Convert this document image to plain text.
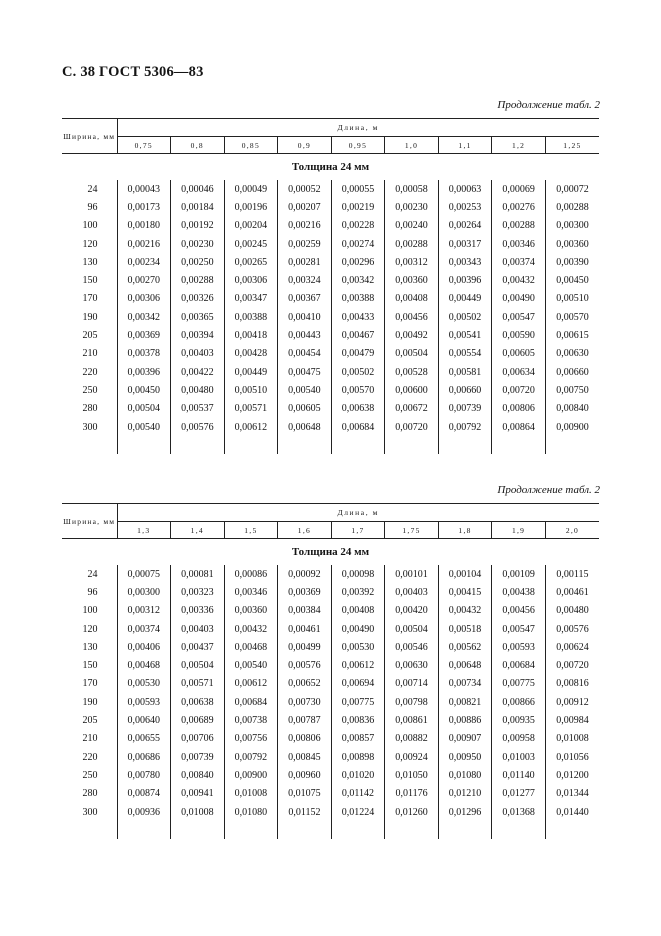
С. 38 ГОСТ 5306—83
Продолжение табл. 2
Ширина, мм	Длина, м								
	0,75	0,8	0,85	0,9	0,95	1,0	1,1	1,2	1,25
Толщина 24 мм									
24	0,00043	0,00046	0,00049	0,00052	0,00055	0,00058	0,00063	0,00069	0,00072
96	0,00173	0,00184	0,00196	0,00207	0,00219	0,00230	0,00253	0,00276	0,00288
100	0,00180	0,00192	0,00204	0,00216	0,00228	0,00240	0,00264	0,00288	0,00300
120	0,00216	0,00230	0,00245	0,00259	0,00274	0,00288	0,00317	0,00346	0,00360
130	0,00234	0,00250	0,00265	0,00281	0,00296	0,00312	0,00343	0,00374	0,00390
150	0,00270	0,00288	0,00306	0,00324	0,00342	0,00360	0,00396	0,00432	0,00450
170	0,00306	0,00326	0,00347	0,00367	0,00388	0,00408	0,00449	0,00490	0,00510
190	0,00342	0,00365	0,00388	0,00410	0,00433	0,00456	0,00502	0,00547	0,00570
205	0,00369	0,00394	0,00418	0,00443	0,00467	0,00492	0,00541	0,00590	0,00615
210	0,00378	0,00403	0,00428	0,00454	0,00479	0,00504	0,00554	0,00605	0,00630
220	0,00396	0,00422	0,00449	0,00475	0,00502	0,00528	0,00581	0,00634	0,00660
250	0,00450	0,00480	0,00510	0,00540	0,00570	0,00600	0,00660	0,00720	0,00750
280	0,00504	0,00537	0,00571	0,00605	0,00638	0,00672	0,00739	0,00806	0,00840
300	0,00540	0,00576	0,00612	0,00648	0,00684	0,00720	0,00792	0,00864	0,00900

Продолжение табл. 2
Ширина, мм	Длина, м								
	1,3	1,4	1,5	1,6	1,7	1,75	1,8	1,9	2,0
Толщина 24 мм									
24	0,00075	0,00081	0,00086	0,00092	0,00098	0,00101	0,00104	0,00109	0,00115
96	0,00300	0,00323	0,00346	0,00369	0,00392	0,00403	0,00415	0,00438	0,00461
100	0,00312	0,00336	0,00360	0,00384	0,00408	0,00420	0,00432	0,00456	0,00480
120	0,00374	0,00403	0,00432	0,00461	0,00490	0,00504	0,00518	0,00547	0,00576
130	0,00406	0,00437	0,00468	0,00499	0,00530	0,00546	0,00562	0,00593	0,00624
150	0,00468	0,00504	0,00540	0,00576	0,00612	0,00630	0,00648	0,00684	0,00720
170	0,00530	0,00571	0,00612	0,00652	0,00694	0,00714	0,00734	0,00775	0,00816
190	0,00593	0,00638	0,00684	0,00730	0,00775	0,00798	0,00821	0,00866	0,00912
205	0,00640	0,00689	0,00738	0,00787	0,00836	0,00861	0,00886	0,00935	0,00984
210	0,00655	0,00706	0,00756	0,00806	0,00857	0,00882	0,00907	0,00958	0,01008
220	0,00686	0,00739	0,00792	0,00845	0,00898	0,00924	0,00950	0,01003	0,01056
250	0,00780	0,00840	0,00900	0,00960	0,01020	0,01050	0,01080	0,01140	0,01200
280	0,00874	0,00941	0,01008	0,01075	0,01142	0,01176	0,01210	0,01277	0,01344
300	0,00936	0,01008	0,01080	0,01152	0,01224	0,01260	0,01296	0,01368	0,01440
